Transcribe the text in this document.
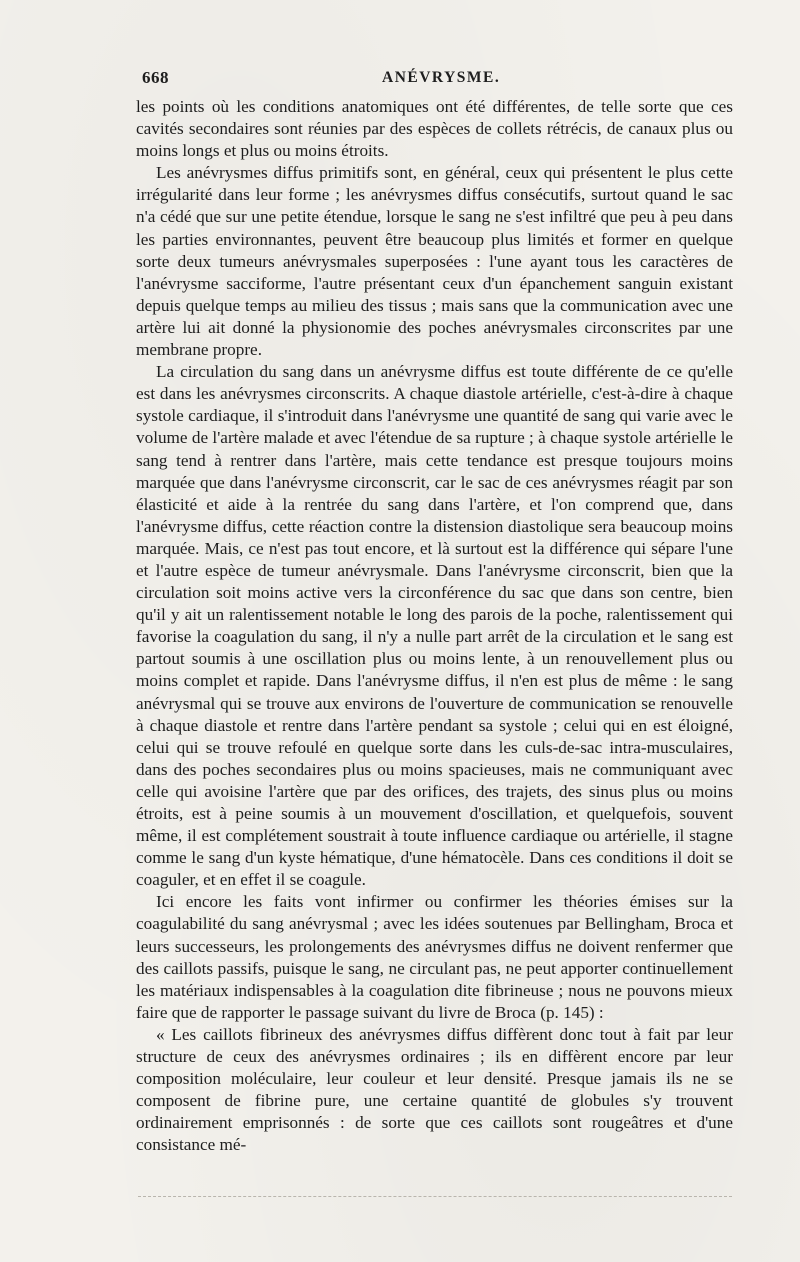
668	ANÉVRYSME.

les points où les conditions anatomiques ont été différentes, de telle sorte que ces cavités secondaires sont réunies par des espèces de collets rétrécis, de canaux plus ou moins longs et plus ou moins étroits.

Les anévrysmes diffus primitifs sont, en général, ceux qui présentent le plus cette irrégularité dans leur forme ; les anévrysmes diffus consécutifs, surtout quand le sac n'a cédé que sur une petite étendue, lorsque le sang ne s'est infiltré que peu à peu dans les parties environnantes, peuvent être beaucoup plus limités et former en quelque sorte deux tumeurs anévrysmales superposées : l'une ayant tous les caractères de l'anévrysme sacciforme, l'autre présentant ceux d'un épanchement sanguin existant depuis quelque temps au milieu des tissus ; mais sans que la communication avec une artère lui ait donné la physionomie des poches anévrysmales circonscrites par une membrane propre.

La circulation du sang dans un anévrysme diffus est toute différente de ce qu'elle est dans les anévrysmes circonscrits. A chaque diastole artérielle, c'est-à-dire à chaque systole cardiaque, il s'introduit dans l'anévrysme une quantité de sang qui varie avec le volume de l'artère malade et avec l'étendue de sa rupture ; à chaque systole artérielle le sang tend à rentrer dans l'artère, mais cette tendance est presque toujours moins marquée que dans l'anévrysme circonscrit, car le sac de ces anévrysmes réagit par son élasticité et aide à la rentrée du sang dans l'artère, et l'on comprend que, dans l'anévrysme diffus, cette réaction contre la distension diastolique sera beaucoup moins marquée. Mais, ce n'est pas tout encore, et là surtout est la différence qui sépare l'une et l'autre espèce de tumeur anévrysmale. Dans l'anévrysme circonscrit, bien que la circulation soit moins active vers la circonférence du sac que dans son centre, bien qu'il y ait un ralentissement notable le long des parois de la poche, ralentissement qui favorise la coagulation du sang, il n'y a nulle part arrêt de la circulation et le sang est partout soumis à une oscillation plus ou moins lente, à un renouvellement plus ou moins complet et rapide. Dans l'anévrysme diffus, il n'en est plus de même : le sang anévrysmal qui se trouve aux environs de l'ouverture de communication se renouvelle à chaque diastole et rentre dans l'artère pendant sa systole ; celui qui en est éloigné, celui qui se trouve refoulé en quelque sorte dans les culs-de-sac intra-musculaires, dans des poches secondaires plus ou moins spacieuses, mais ne communiquant avec celle qui avoisine l'artère que par des orifices, des trajets, des sinus plus ou moins étroits, est à peine soumis à un mouvement d'oscillation, et quelquefois, souvent même, il est complétement soustrait à toute influence cardiaque ou artérielle, il stagne comme le sang d'un kyste hématique, d'une hématocèle. Dans ces conditions il doit se coaguler, et en effet il se coagule.

Ici encore les faits vont infirmer ou confirmer les théories émises sur la coagulabilité du sang anévrysmal ; avec les idées soutenues par Bellingham, Broca et leurs successeurs, les prolongements des anévrysmes diffus ne doivent renfermer que des caillots passifs, puisque le sang, ne circulant pas, ne peut apporter continuellement les matériaux indispensables à la coagulation dite fibrineuse ; nous ne pouvons mieux faire que de rapporter le passage suivant du livre de Broca (p. 145) :

« Les caillots fibrineux des anévrysmes diffus diffèrent donc tout à fait par leur structure de ceux des anévrysmes ordinaires ; ils en diffèrent encore par leur composition moléculaire, leur couleur et leur densité. Presque jamais ils ne se composent de fibrine pure, une certaine quantité de globules s'y trouvent ordinairement emprisonnés : de sorte que ces caillots sont rougeâtres et d'une consistance mé-
